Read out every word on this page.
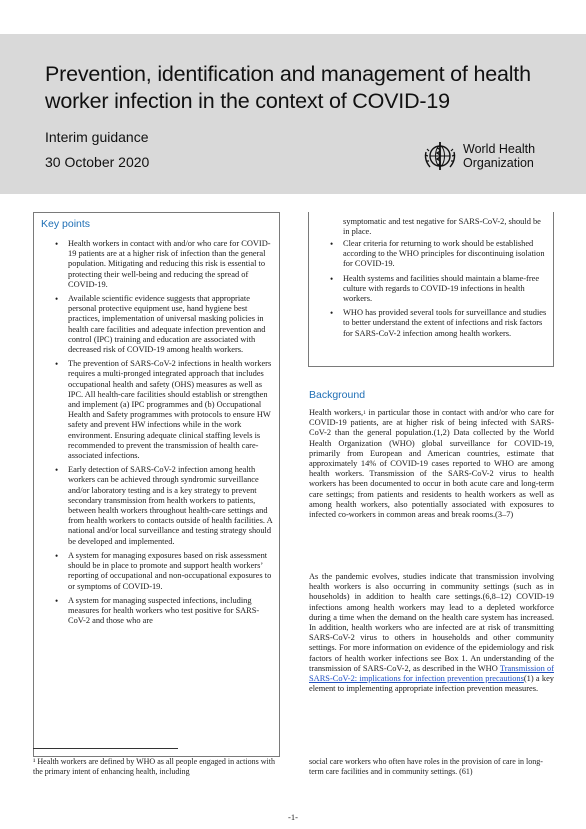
Prevention, identification and management of health worker infection in the context of COVID-19
Interim guidance
30 October 2020
World Health
Organization
Key points
• Health workers in contact with and/or who care for COVID-19 patients are at a higher risk of infection than the general population. Mitigating and reducing this risk is essential to protecting their well-being and reducing the spread of COVID-19.
• Available scientific evidence suggests that appropriate personal protective equipment use, hand hygiene best practices, implementation of universal masking policies in health care facilities and adequate infection prevention and control (IPC) training and education are associated with decreased risk of COVID-19 among health workers.
• The prevention of SARS-CoV-2 infections in health workers requires a multi-pronged integrated approach that includes occupational health and safety (OHS) measures as well as IPC. All health-care facilities should establish or strengthen and implement (a) IPC programmes and (b) Occupational Health and Safety programmes with protocols to ensure HW safety and prevent HW infections while in the work environment. Ensuring adequate clinical staffing levels is recommended to prevent the transmission of health care-associated infections.
• Early detection of SARS-CoV-2 infection among health workers can be achieved through syndromic surveillance and/or laboratory testing and is a key strategy to prevent secondary transmission from health workers to patients, between health workers throughout health-care settings and from health workers to contacts outside of health facilities. A national and/or local surveillance and testing strategy should be developed and implemented.
• A system for managing exposures based on risk assessment should be in place to promote and support health workers’ reporting of occupational and non-occupational exposures to or symptoms of COVID-19.
• A system for managing suspected infections, including measures for health workers who test positive for SARS-CoV-2 and those who are
symptomatic and test negative for SARS-CoV-2, should be in place.
• Clear criteria for returning to work should be established according to the WHO principles for discontinuing isolation for COVID-19.
• Health systems and facilities should maintain a blame-free culture with regards to COVID-19 infections in health workers.
• WHO has provided several tools for surveillance and studies to better understand the extent of infections and risk factors for SARS-CoV-2 infection among health workers.
Background

Health workers,$^1$ in particular those in contact with and/or who care for COVID-19 patients, are at higher risk of being infected with SARS-CoV-2 than the general population.(1,2) Data collected by the World Health Organization (WHO) global surveillance for COVID-19, primarily from European and American countries, estimate that approximately 14% of COVID-19 cases reported to WHO are among health workers. Transmission of the SARS-CoV-2 virus to health workers has been documented to occur in both acute care and long-term care settings; from patients and residents to health workers as well as among health workers, also potentially associated with exposures to infected co-workers in common areas and break rooms.(3–7)

As the pandemic evolves, studies indicate that transmission involving health workers is also occurring in community settings (such as in households) in addition to health care settings.(6,8–12) COVID-19 infections among health workers may lead to a depleted workforce during a time when the demand on the health care system has increased. In addition, health workers who are infected are at risk of transmitting SARS-CoV-2 virus to others in households and other community settings. For more information on evidence of the epidemiology and risk factors of health worker infections see Box 1. An understanding of the transmission of SARS-CoV-2, as described in the WHO Transmission of SARS-CoV-2: implications for infection prevention precautions(1) a key element to implementing appropriate infection prevention measures.

¹ Health workers are defined by WHO as all people engaged in actions with the primary intent of enhancing health, including
social care workers who often have roles in the provision of care in long-term care facilities and in community settings. (61)
-1-
